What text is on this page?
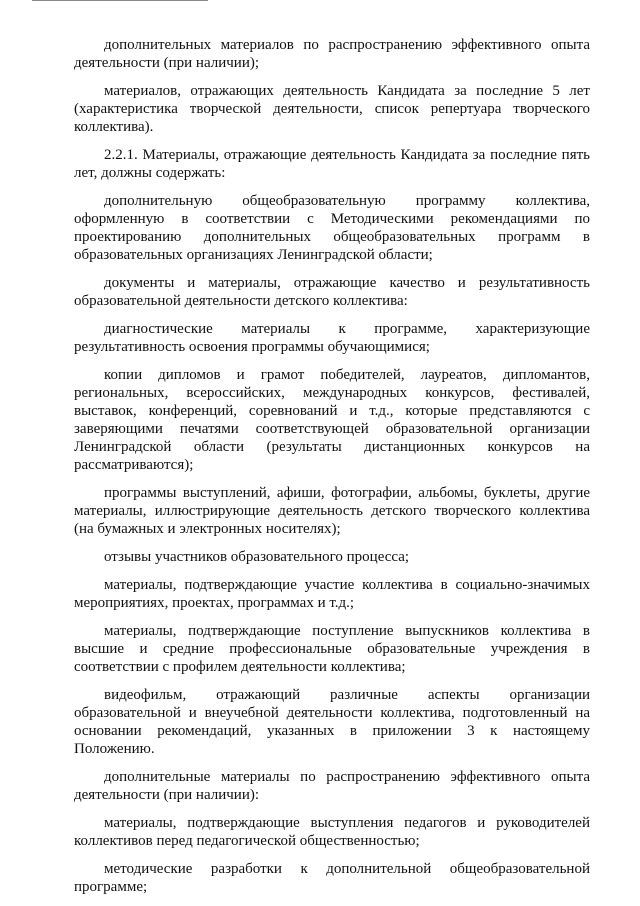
дополнительных материалов по распространению эффективного опыта деятельности (при наличии);

материалов, отражающих деятельность Кандидата за последние 5 лет (характеристика творческой деятельности, список репертуара творческого коллектива).

2.2.1. Материалы, отражающие деятельность Кандидата за последние пять лет, должны содержать:

дополнительную общеобразовательную программу коллектива, оформленную в соответствии с Методическими рекомендациями по проектированию дополнительных общеобразовательных программ в образовательных организациях Ленинградской области;

документы и материалы, отражающие качество и результативность образовательной деятельности детского коллектива:

диагностические материалы к программе, характеризующие результативность освоения программы обучающимися;

копии дипломов и грамот победителей, лауреатов, дипломантов, региональных, всероссийских, международных конкурсов, фестивалей, выставок, конференций, соревнований и т.д., которые представляются с заверяющими печатями соответствующей образовательной организации Ленинградской области (результаты дистанционных конкурсов на рассматриваются);

программы выступлений, афиши, фотографии, альбомы, буклеты, другие материалы, иллюстрирующие деятельность детского творческого коллектива (на бумажных и электронных носителях);

отзывы участников образовательного процесса;

материалы, подтверждающие участие коллектива в социально-значимых мероприятиях, проектах, программах и т.д.;

материалы, подтверждающие поступление выпускников коллектива в высшие и средние профессиональные образовательные учреждения в соответствии с профилем деятельности коллектива;

видеофильм, отражающий различные аспекты организации образовательной и внеучебной деятельности коллектива, подготовленный на основании рекомендаций, указанных в приложении 3 к настоящему Положению.

дополнительные материалы по распространению эффективного опыта деятельности (при наличии):

материалы, подтверждающие выступления педагогов и руководителей коллективов перед педагогической общественностью;

методические разработки к дополнительной общеобразовательной программе;
